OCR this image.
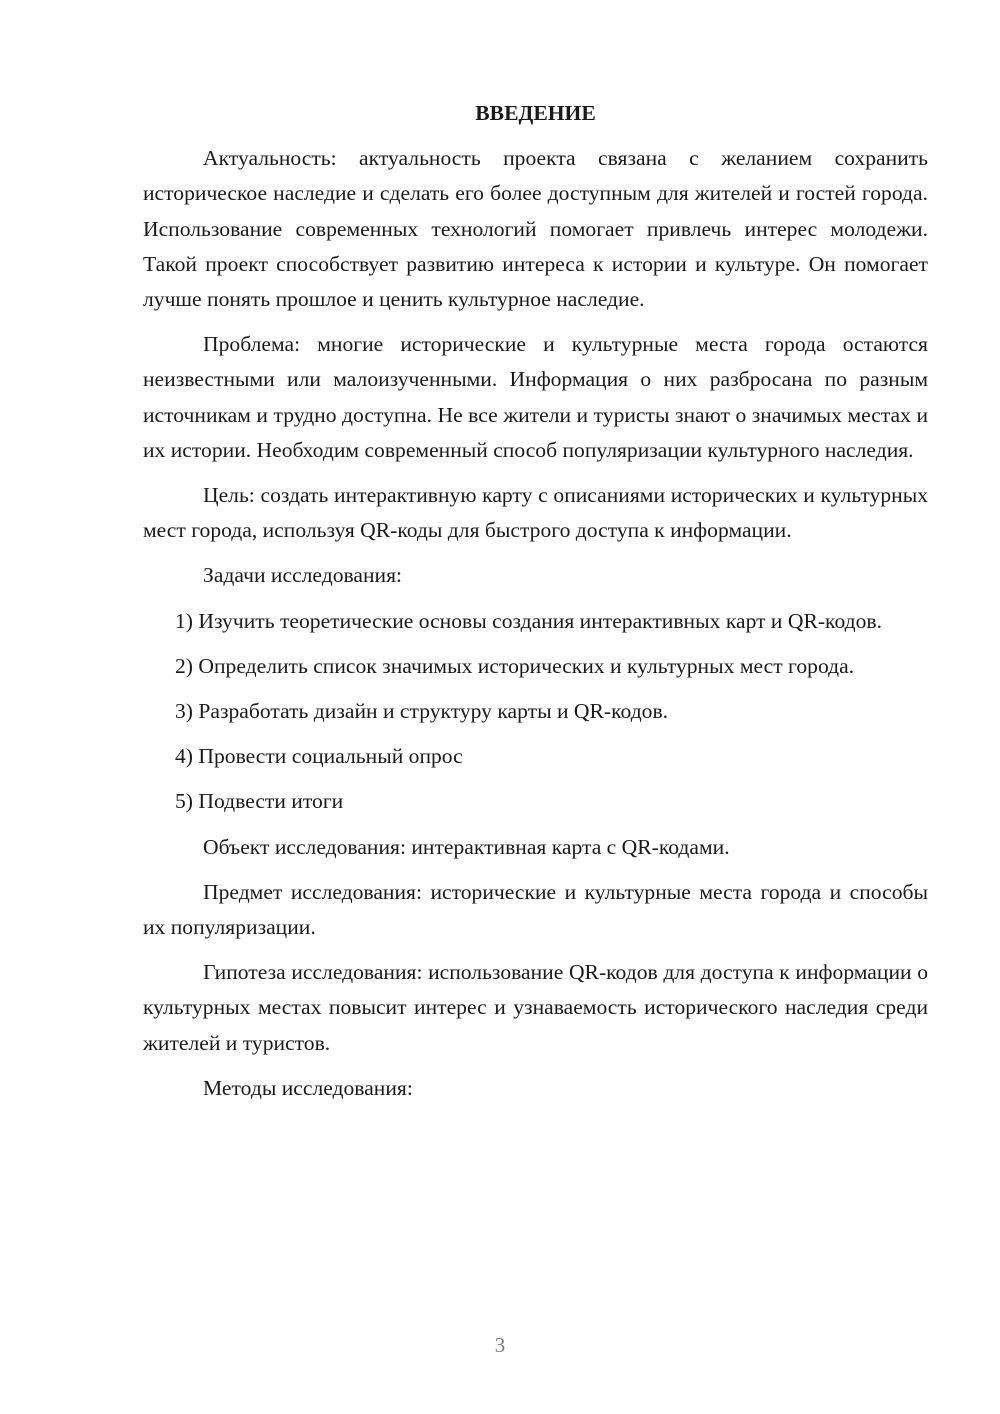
ВВЕДЕНИЕ

Актуальность: актуальность проекта связана с желанием сохранить историческое наследие и сделать его более доступным для жителей и гостей города. Использование современных технологий помогает привлечь интерес молодежи. Такой проект способствует развитию интереса к истории и культуре. Он помогает лучше понять прошлое и ценить культурное наследие.

Проблема: многие исторические и культурные места города остаются неизвестными или малоизученными. Информация о них разбросана по разным источникам и трудно доступна. Не все жители и туристы знают о значимых местах и их истории. Необходим современный способ популяризации культурного наследия.

Цель: создать интерактивную карту с описаниями исторических и культурных мест города, используя QR-коды для быстрого доступа к информации.

Задачи исследования:

1) Изучить теоретические основы создания интерактивных карт и QR-кодов.

2) Определить список значимых исторических и культурных мест города.

3) Разработать дизайн и структуру карты и QR-кодов.

4) Провести социальный опрос

5) Подвести итоги

Объект исследования: интерактивная карта с QR-кодами.

Предмет исследования: исторические и культурные места города и способы их популяризации.

Гипотеза исследования: использование QR-кодов для доступа к информации о культурных местах повысит интерес и узнаваемость исторического наследия среди жителей и туристов.

Методы исследования:

3
